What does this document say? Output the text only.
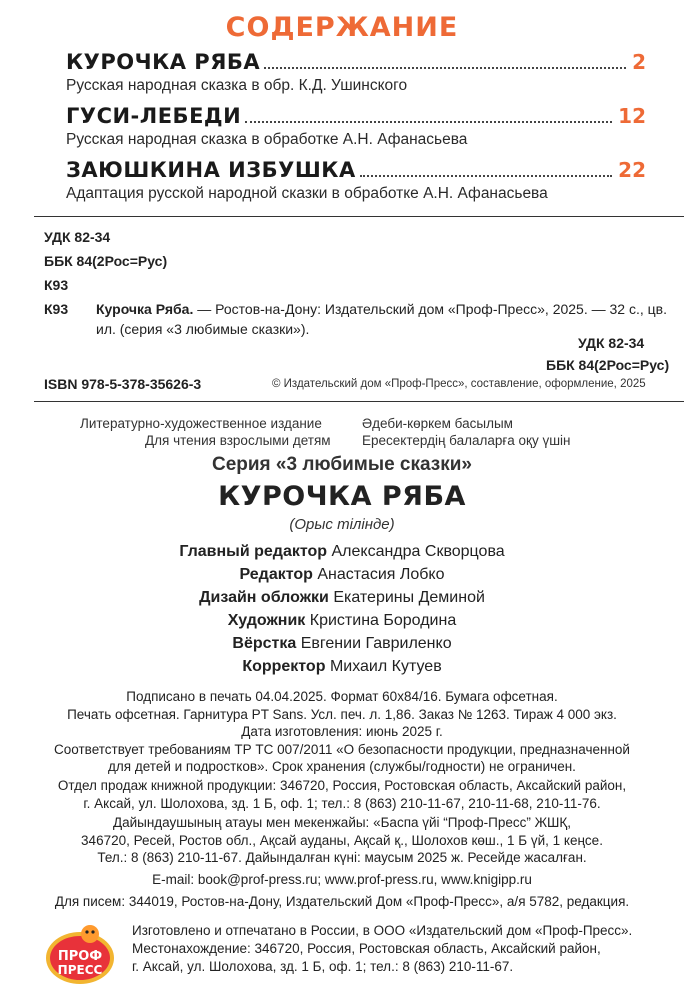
СОДЕРЖАНИЕ
КУРОЧКА РЯБА	2
Русская народная сказка в обр. К.Д. Ушинского
ГУСИ-ЛЕБЕДИ	12
Русская народная сказка в обработке А.Н. Афанасьева
ЗАЮШКИНА ИЗБУШКА	22
Адаптация русской народной сказки в обработке А.Н. Афанасьева
УДК 82-34
ББК 84(2Рос=Рус)
К93
К93 Курочка Ряба. — Ростов-на-Дону: Издательский дом «Проф-Пресс», 2025. — 32 с., цв. ил. (серия «3 любимые сказки»).
УДК 82-34
ББК 84(2Рос=Рус)
ISBN 978-5-378-35626-3	© Издательский дом «Проф-Пресс», составление, оформление, 2025
Литературно-художественное издание
Для чтения взрослыми детям
Әдеби-көркем басылым
Ересектердің балаларға оқу үшін
Серия «3 любимые сказки»
КУРОЧКА РЯБА
(Орыс тілінде)
Главный редактор Александра Скворцова
Редактор Анастасия Лобко
Дизайн обложки Екатерины Деминой
Художник Кристина Бородина
Вёрстка Евгении Гавриленко
Корректор Михаил Кутуев
Подписано в печать 04.04.2025. Формат 60х84/16. Бумага офсетная.
Печать офсетная. Гарнитура PT Sans. Усл. печ. л. 1,86. Заказ № 1263. Тираж 4 000 экз.
Дата изготовления: июнь 2025 г.
Соответствует требованиям ТР ТС 007/2011 «О безопасности продукции, предназначенной
для детей и подростков». Срок хранения (службы/годности) не ограничен.
Отдел продаж книжной продукции: 346720, Россия, Ростовская область, Аксайский район,
г. Аксай, ул. Шолохова, зд. 1 Б, оф. 1; тел.: 8 (863) 210-11-67, 210-11-68, 210-11-76.
Дайындаушының атауы мен мекенжайы: «Баспа үйі “Проф-Пресс” ЖШҚ,
346720, Ресей, Ростов обл., Ақсай ауданы, Ақсай қ., Шолохов көш., 1 Б үй, 1 кеңсе.
Тел.: 8 (863) 210-11-67. Дайындалған күні: маусым 2025 ж. Ресейде жасалған.
E-mail: book@prof-press.ru; www.prof-press.ru, www.knigipp.ru
Для писем: 344019, Ростов-на-Дону, Издательский Дом «Проф-Пресс», а/я 5782, редакция.
ПРОФ
ПРЕСС
Изготовлено и отпечатано в России, в ООО «Издательский дом «Проф-Пресс».
Местонахождение: 346720, Россия, Ростовская область, Аксайский район,
г. Аксай, ул. Шолохова, зд. 1 Б, оф. 1; тел.: 8 (863) 210-11-67.
